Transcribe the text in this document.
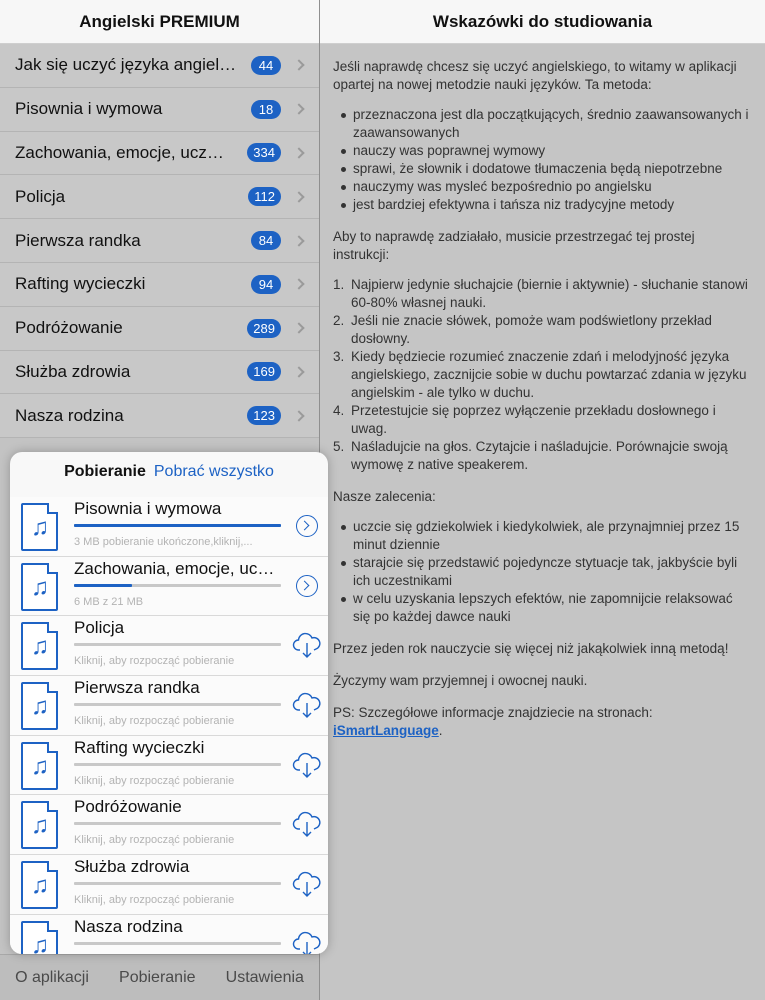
Angielski PREMIUM
Jak się uczyć języka angiel…	44
Pisownia i wymowa	18
Zachowania, emocje, ucz…	334
Policja	112
Pierwsza randka	84
Rafting wycieczki	94
Podróżowanie	289
Służba zdrowia	169
Nasza rodzina	123
O aplikacji Pobieranie Ustawienia
Wskazówki do studiowania

Jeśli naprawdę chcesz się uczyć angielskiego, to witamy w aplikacji opartej na nowej metodzie nauki języków. Ta metoda:

przeznaczona jest dla początkujących, średnio zaawansowanych i zaawansowanych
nauczy was poprawnej wymowy
sprawi, że słownik i dodatowe tłumaczenia będą niepotrzebne
nauczymy was mysleć bezpośrednio po angielsku
jest bardziej efektywna i tańsza niz tradycyjne metody

Aby to naprawdę zadziałało, musicie przestrzegać tej prostej instrukcji:

1. Najpierw jedynie słuchajcie (biernie i aktywnie) - słuchanie stanowi 60-80% własnej nauki.
2. Jeśli nie znacie słówek, pomoże wam podświetlony przekład dosłowny.
3. Kiedy będziecie rozumieć znaczenie zdań i melodyjność języka angielskiego, zacznijcie sobie w duchu powtarzać zdania w języku angielskim - ale tylko w duchu.
4. Przetestujcie się poprzez wyłączenie przekładu dosłownego i uwag.
5. Naśladujcie na głos. Czytajcie i naśladujcie. Porównajcie swoją wymowę z native speakerem.

Nasze zalecenia:

uczcie się gdziekolwiek i kiedykolwiek, ale przynajmniej przez 15 minut dziennie
starajcie się przedstawić pojedyncze stytuacje tak, jakbyście byli ich uczestnikami
w celu uzyskania lepszych efektów, nie zapomnijcie relaksować się po każdej dawce nauki

Przez jeden rok nauczycie się więcej niż jakąkolwiek inną metodą!

Życzymy wam przyjemnej i owocnej nauki.

PS: Szczegółowe informacje znajdziecie na stronach:
iSmartLanguage.

Pobieranie Pobrać wszystko
♫
Pisownia i wymowa
3 MB pobieranie ukończone,kliknij,...
♫
Zachowania, emocje, uc…
6 MB z 21 MB
♫
Policja
Kliknij, aby rozpocząć pobieranie
♫
Pierwsza randka
Kliknij, aby rozpocząć pobieranie
♫
Rafting wycieczki
Kliknij, aby rozpocząć pobieranie
♫
Podróżowanie
Kliknij, aby rozpocząć pobieranie
♫
Służba zdrowia
Kliknij, aby rozpocząć pobieranie
♫
Nasza rodzina
